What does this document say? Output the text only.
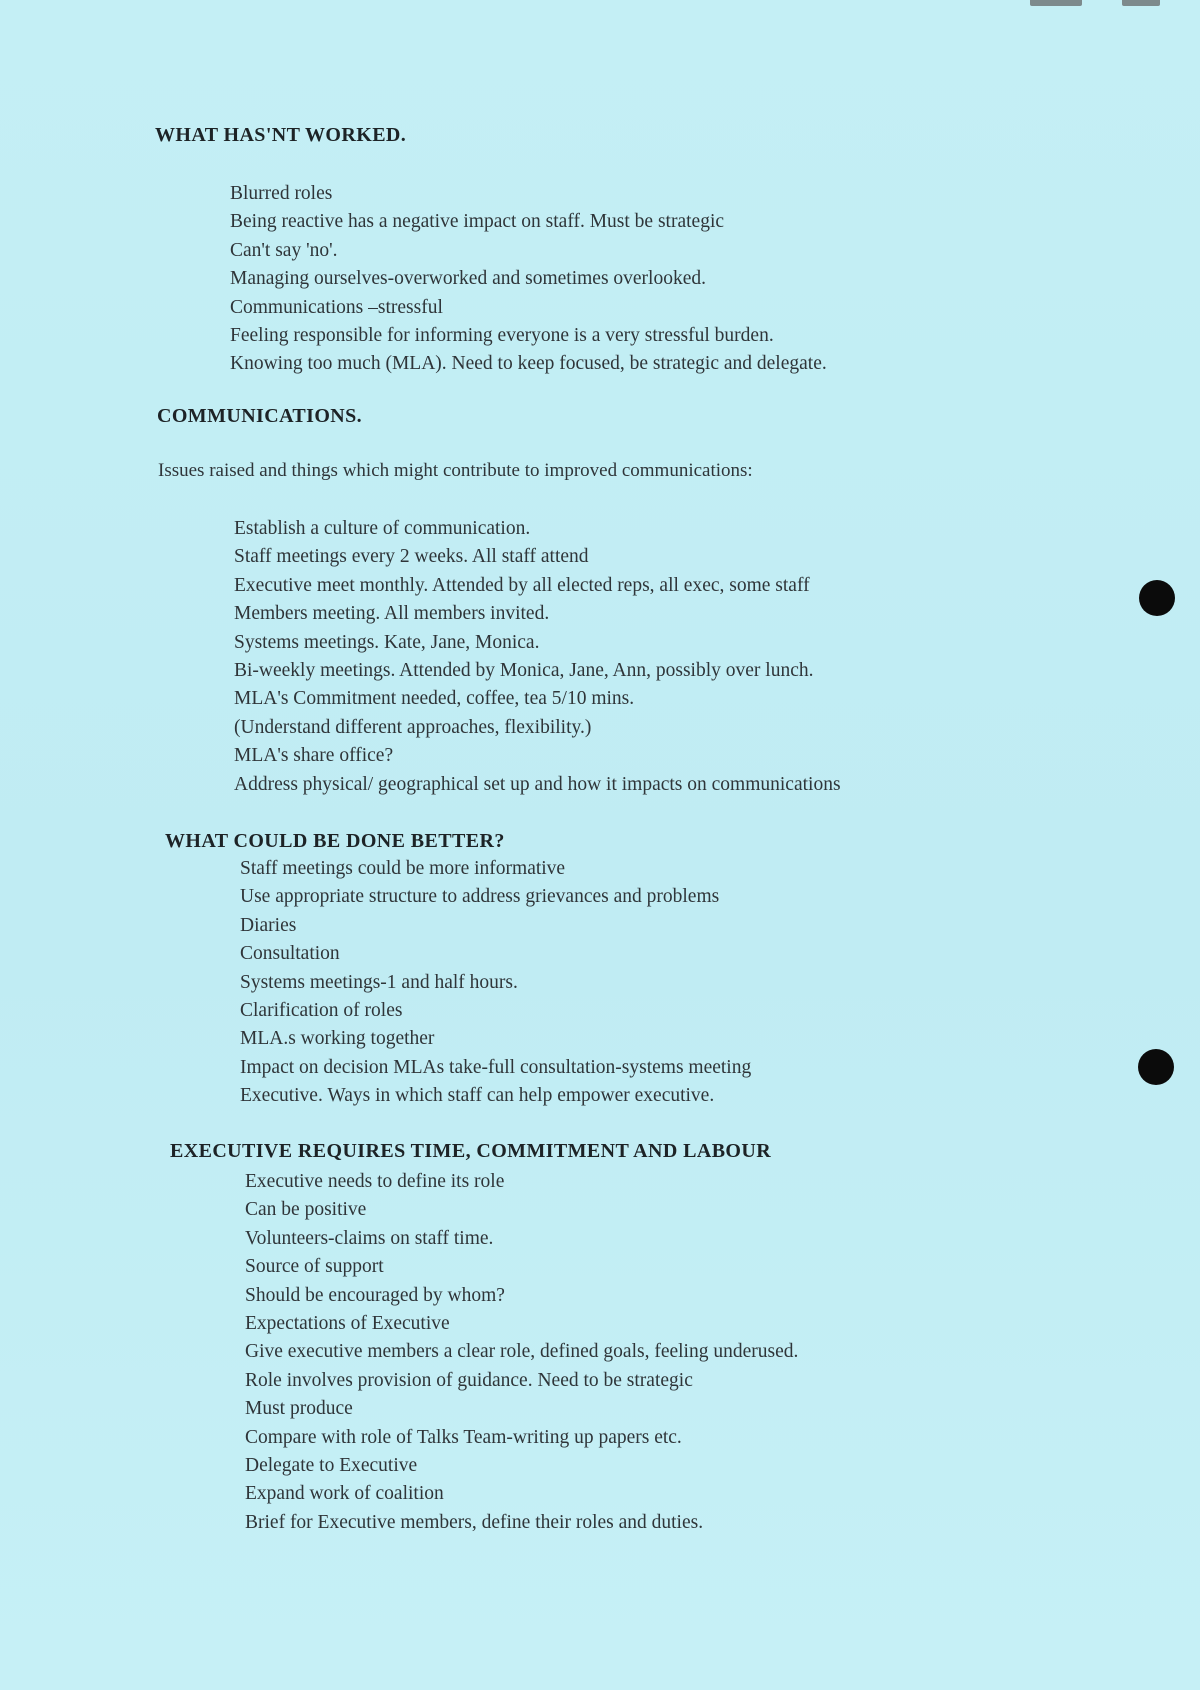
WHAT HAS'NT WORKED.
Blurred roles
Being reactive has a negative impact on staff. Must be strategic
Can't say 'no'.
Managing ourselves-overworked and sometimes overlooked.
Communications –stressful
Feeling responsible for informing everyone is a very stressful burden.
Knowing too much (MLA). Need to keep focused, be strategic and delegate.
COMMUNICATIONS.

Issues raised and things which might contribute to improved communications:

Establish a culture of communication.
Staff meetings every 2 weeks. All staff attend
Executive meet monthly. Attended by all elected reps, all exec, some staff
Members meeting. All members invited.
Systems meetings. Kate, Jane, Monica.
Bi-weekly meetings. Attended by Monica, Jane, Ann, possibly over lunch.
MLA's Commitment needed, coffee, tea 5/10 mins.
(Understand different approaches, flexibility.)
MLA's share office?
Address physical/ geographical set up and how it impacts on communications
WHAT COULD BE DONE BETTER?
Staff meetings could be more informative
Use appropriate structure to address grievances and problems
Diaries
Consultation
Systems meetings-1 and half hours.
Clarification of roles
MLA.s working together
Impact on decision MLAs take-full consultation-systems meeting
Executive. Ways in which staff can help empower executive.
EXECUTIVE REQUIRES TIME, COMMITMENT AND LABOUR
Executive needs to define its role
Can be positive
Volunteers-claims on staff time.
Source of support
Should be encouraged by whom?
Expectations of Executive
Give executive members a clear role, defined goals, feeling underused.
Role involves provision of guidance. Need to be strategic
Must produce
Compare with role of Talks Team-writing up papers etc.
Delegate to Executive
Expand work of coalition
Brief for Executive members, define their roles and duties.
